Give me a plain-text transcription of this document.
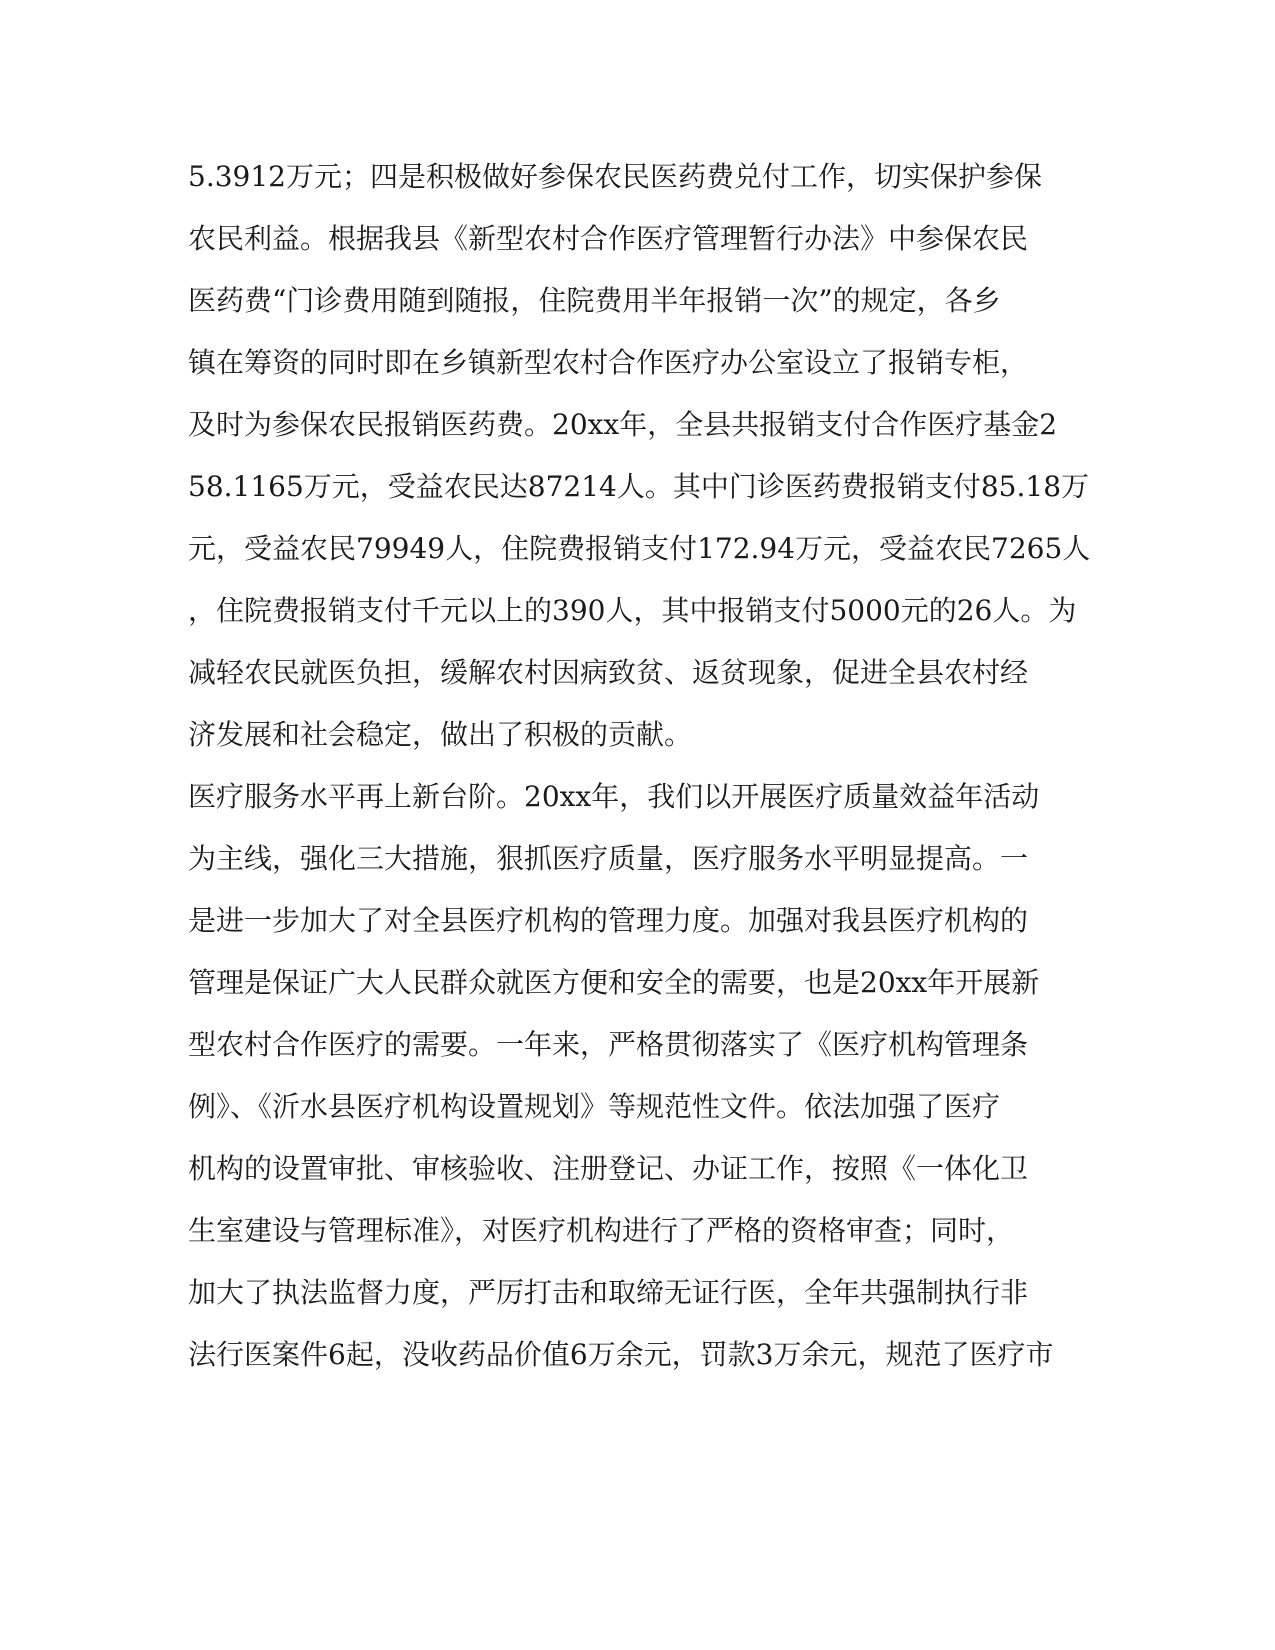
5.3912万元；四是积极做好参保农民医药费兑付工作，切实保护参保
农民利益。根据我县《新型农村合作医疗管理暂行办法》中参保农民
医药费“门诊费用随到随报，住院费用半年报销一次”的规定，各乡
镇在筹资的同时即在乡镇新型农村合作医疗办公室设立了报销专柜，
及时为参保农民报销医药费。20xx年，全县共报销支付合作医疗基金2
58.1165万元，受益农民达87214人。其中门诊医药费报销支付85.18万
元，受益农民79949人，住院费报销支付172.94万元，受益农民7265人
，住院费报销支付千元以上的390人，其中报销支付5000元的26人。为
减轻农民就医负担，缓解农村因病致贫、返贫现象，促进全县农村经
济发展和社会稳定，做出了积极的贡献。
医疗服务水平再上新台阶。20xx年，我们以开展医疗质量效益年活动
为主线，强化三大措施，狠抓医疗质量，医疗服务水平明显提高。一
是进一步加大了对全县医疗机构的管理力度。加强对我县医疗机构的
管理是保证广大人民群众就医方便和安全的需要，也是20xx年开展新
型农村合作医疗的需要。一年来，严格贯彻落实了《医疗机构管理条
例》、《沂水县医疗机构设置规划》等规范性文件。依法加强了医疗
机构的设置审批、审核验收、注册登记、办证工作，按照《一体化卫
生室建设与管理标准》，对医疗机构进行了严格的资格审查；同时，
加大了执法监督力度，严厉打击和取缔无证行医，全年共强制执行非
法行医案件6起，没收药品价值6万余元，罚款3万余元，规范了医疗市
